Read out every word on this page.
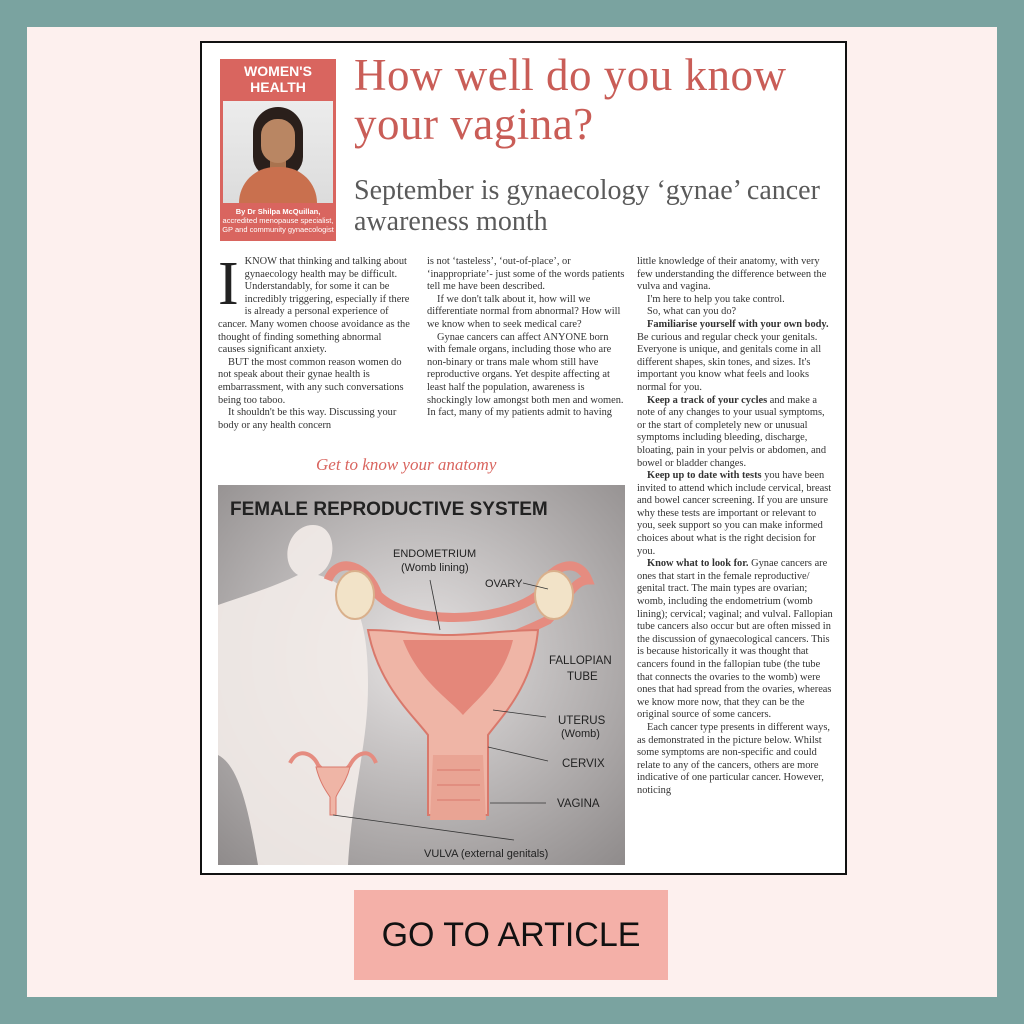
WOMEN'S HEALTH
By Dr Shilpa McQuillan,
accredited menopause specialist, GP and community gynaecologist
How well do you know your vagina?
September is gynaecology ‘gynae’ cancer awareness month
I KNOW that thinking and talking about gynaecology health may be difficult. Understandably, for some it can be incredibly triggering, especially if there is already a personal experience of cancer. Many women choose avoidance as the thought of finding something abnormal causes significant anxiety.

BUT the most common reason women do not speak about their gynae health is embarrassment, with any such conversations being too taboo.

It shouldn't be this way. Discussing your body or any health concern

is not ‘tasteless’, ‘out-of-place’, or ‘inappropriate’- just some of the words patients tell me have been described.

If we don't talk about it, how will we differentiate normal from abnormal? How will we know when to seek medical care?

Gynae cancers can affect ANYONE born with female organs, including those who are non-binary or trans male whom still have reproductive organs. Yet despite affecting at least half the population, awareness is shockingly low amongst both men and women. In fact, many of my patients admit to having

little knowledge of their anatomy, with very few understanding the difference between the vulva and vagina.

I'm here to help you take control.

So, what can you do?

Familiarise yourself with your own body. Be curious and regular check your genitals. Everyone is unique, and genitals come in all different shapes, skin tones, and sizes. It's important you know what feels and looks normal for you.

Keep a track of your cycles and make a note of any changes to your usual symptoms, or the start of completely new or unusual symptoms including bleeding, discharge, bloating, pain in your pelvis or abdomen, and bowel or bladder changes.

Keep up to date with tests you have been invited to attend which include cervical, breast and bowel cancer screening. If you are unsure why these tests are important or relevant to you, seek support so you can make informed choices about what is the right decision for you.

Know what to look for. Gynae cancers are ones that start in the female reproductive/ genital tract. The main types are ovarian; womb, including the endometrium (womb lining); cervical; vaginal; and vulval. Fallopian tube cancers also occur but are often missed in the discussion of gynaecological cancers. This is because historically it was thought that cancers found in the fallopian tube (the tube that connects the ovaries to the womb) were ones that had spread from the ovaries, whereas we know more now, that they can be the original source of some cancers.

Each cancer type presents in different ways, as demonstrated in the picture below. Whilst some symptoms are non-specific and could relate to any of the cancers, others are more indicative of one particular cancer. However, noticing

Get to know your anatomy
FEMALE REPRODUCTIVE SYSTEM
ENDOMETRIUM
(Womb lining)
OVARY
FALLOPIAN
TUBE
UTERUS
(Womb)
CERVIX
VAGINA
VULVA (external genitals)
GO TO ARTICLE
